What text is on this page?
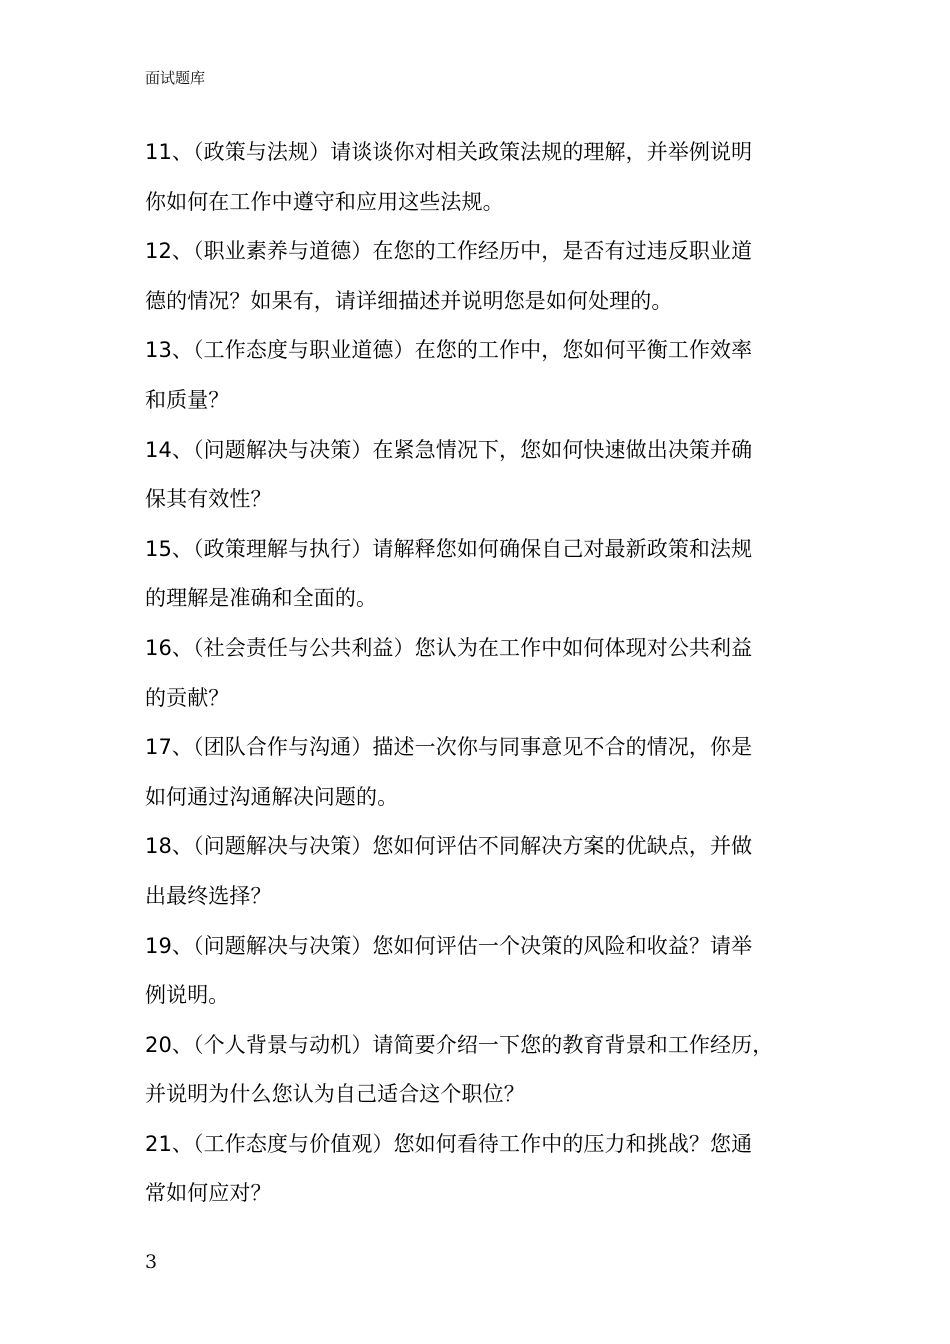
面试题库

11、（政策与法规）请谈谈你对相关政策法规的理解，并举例说明
你如何在工作中遵守和应用这些法规。

12、（职业素养与道德）在您的工作经历中，是否有过违反职业道
德的情况？如果有，请详细描述并说明您是如何处理的。

13、（工作态度与职业道德）在您的工作中，您如何平衡工作效率
和质量？

14、（问题解决与决策）在紧急情况下，您如何快速做出决策并确
保其有效性？

15、（政策理解与执行）请解释您如何确保自己对最新政策和法规
的理解是准确和全面的。

16、（社会责任与公共利益）您认为在工作中如何体现对公共利益
的贡献？

17、（团队合作与沟通）描述一次你与同事意见不合的情况，你是
如何通过沟通解决问题的。

18、（问题解决与决策）您如何评估不同解决方案的优缺点，并做
出最终选择？

19、（问题解决与决策）您如何评估一个决策的风险和收益？请举
例说明。

20、（个人背景与动机）请简要介绍一下您的教育背景和工作经历，
并说明为什么您认为自己适合这个职位？

21、（工作态度与价值观）您如何看待工作中的压力和挑战？您通
常如何应对？

3
